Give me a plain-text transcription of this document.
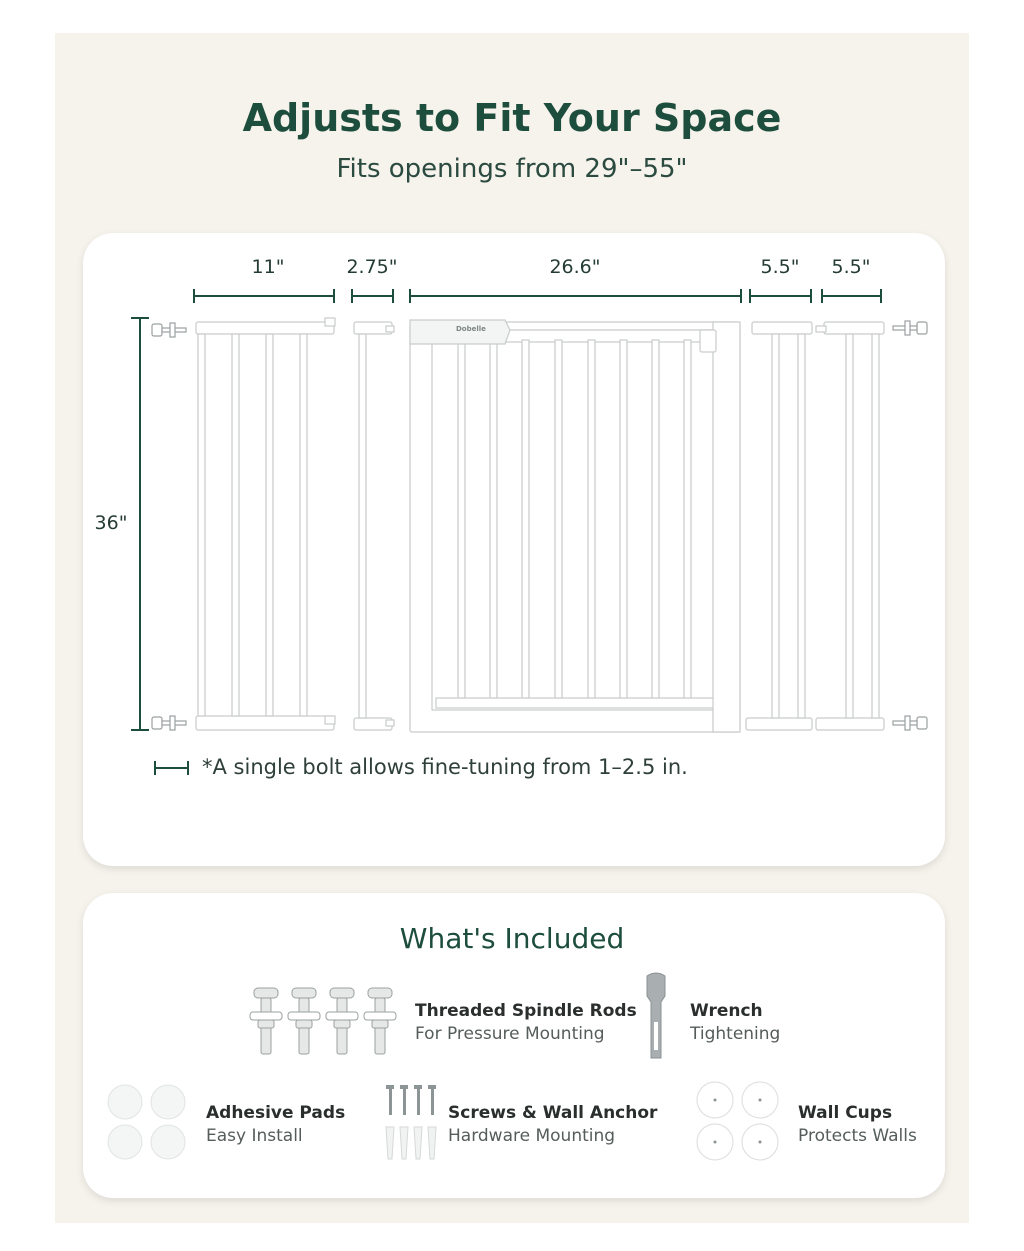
Adjusts to Fit Your Space
Fits openings from 29"–55"
11"	2.75"	26.6"	5.5"	5.5"
36"
Dobelle
*A single bolt allows fine-tuning from 1–2.5 in.
What's Included
Threaded Spindle Rods
For Pressure Mounting
Wrench
Tightening
Adhesive Pads
Easy Install
Screws & Wall Anchor
Hardware Mounting
Wall Cups
Protects Walls
